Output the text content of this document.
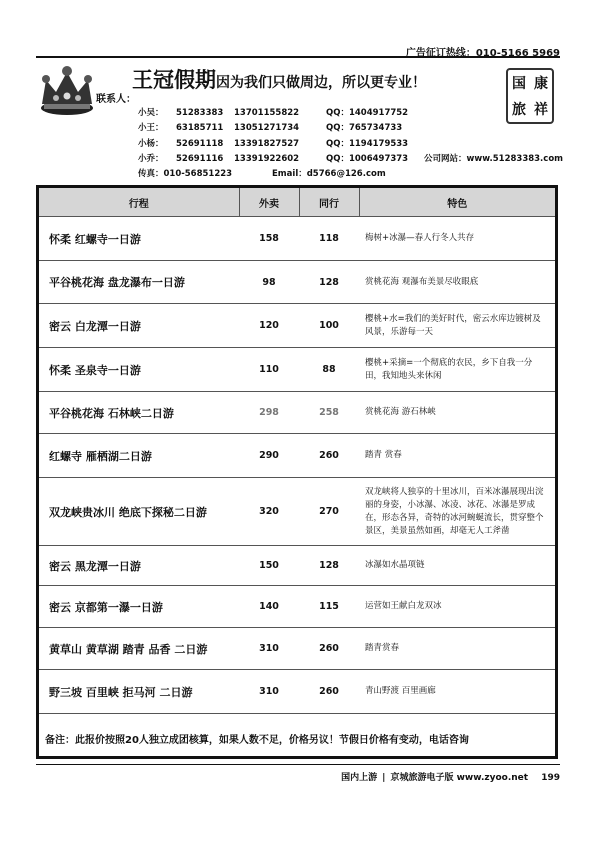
广告征订热线：010-5166 5969
王冠假期因为我们只做周边，所以更专业！
联系人：
国 康
旅 祥
小吴： 51283383 13701155822	QQ：1404917752
小王： 63185711 13051271734	QQ：765734733
小杨： 52691118 13391827527	QQ：1194179533
小乔： 52691116 13391922602	QQ：1006497373 公司网站：www.51283383.com
传真：010-56851223	Email：d5766@126.com
行程	外卖	同行	特色
怀柔 红螺寺一日游	158	118	梅树+冰瀑—春人行冬人共存
平谷桃花海 盘龙瀑布一日游	98	128	赏桃花海 观瀑布美景尽收眼底
密云 白龙潭一日游	120	100	樱桃+水=我们的美好时代，密云水库边镀树及风景，乐游每一天
怀柔 圣泉寺一日游	110	88	樱桃+采摘=一个彻底的农民，乡下自我一分田，我知地头来休闲
平谷桃花海 石林峡二日游	298	258	赏桃花海 游石林峡
红螺寺 雁栖湖二日游	290	260	踏青 赏春
双龙峡贵冰川 绝底下探秘二日游	320	270	双龙峡将人独享的十里冰川，百米冰瀑展现出浣丽的身姿，小冰瀑、冰凌、冰花、冰瀑是罗成在，形态各异，奇特的冰河蜿蜒流长，贯穿整个景区，美景虽然如画，却毫无人工斧凿
密云 黑龙潭一日游	150	128	冰瀑如水晶项链
密云 京都第一瀑一日游	140	115	运营如王献白龙双冰
黄草山 黄草湖 踏青 品香 二日游	310	260	踏青赏春
野三坡 百里峡 拒马河 二日游	310	260	青山野渡 百里画廊
备注：此报价按照20人独立成团核算，如果人数不足，价格另议！节假日价格有变动，电话咨询
国内上游 | 京城旅游电子版 www.zyoo.net 199
